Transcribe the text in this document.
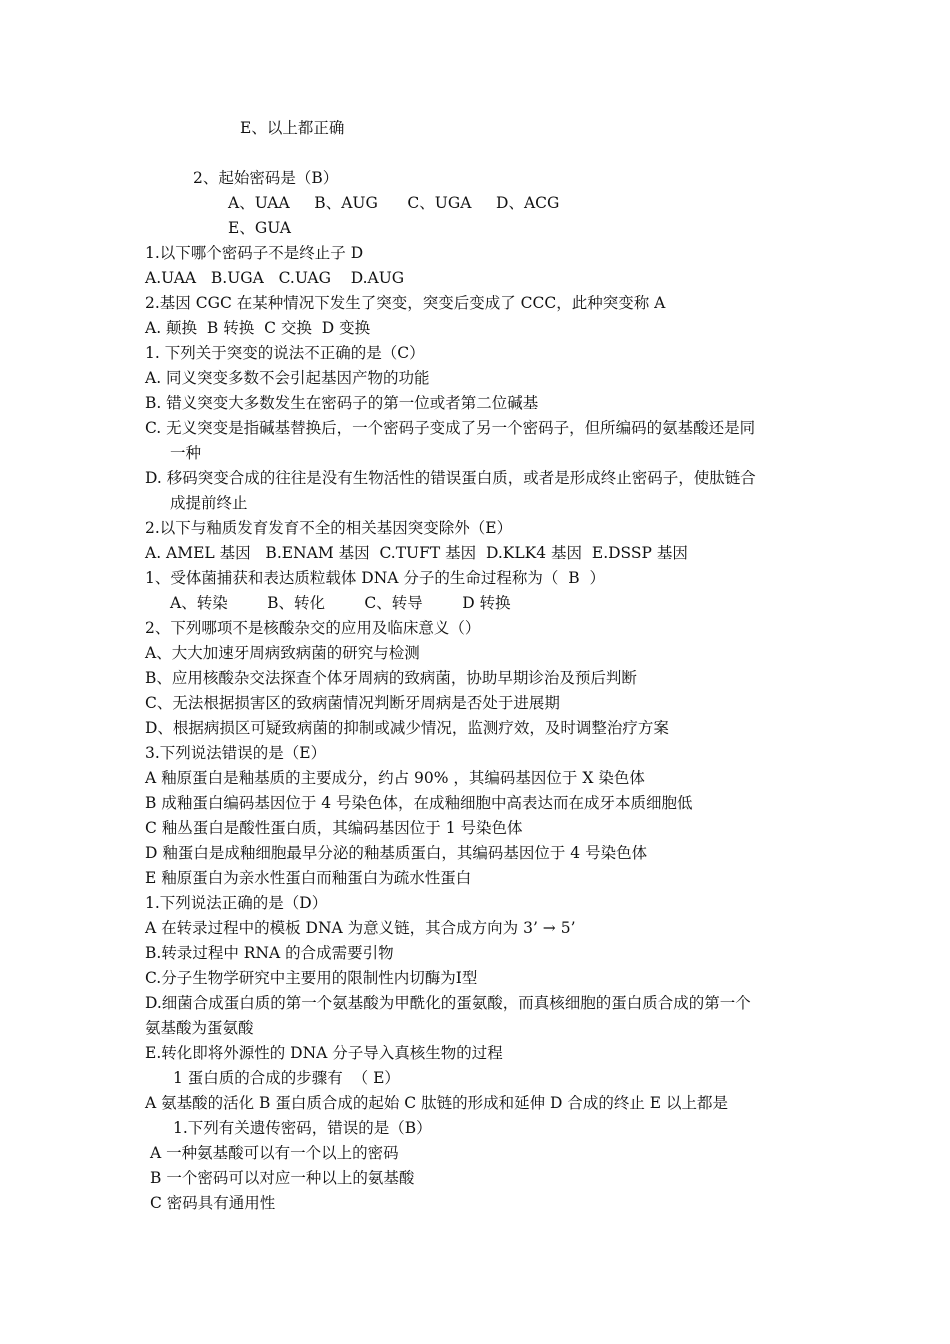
E、以上都正确
2、起始密码是（B）
A、UAA     B、AUG      C、UGA     D、ACG
E、GUA
1.以下哪个密码子不是终止子 D
A.UAA   B.UGA   C.UAG    D.AUG
2.基因 CGC 在某种情况下发生了突变，突变后变成了 CCC，此种突变称 A
A. 颠换  B 转换  C 交换  D 变换
1. 下列关于突变的说法不正确的是（C）
A. 同义突变多数不会引起基因产物的功能
B. 错义突变大多数发生在密码子的第一位或者第二位碱基
C. 无义突变是指碱基替换后，一个密码子变成了另一个密码子，但所编码的氨基酸还是同
一种
D. 移码突变合成的往往是没有生物活性的错误蛋白质，或者是形成终止密码子，使肽链合
成提前终止
2.以下与釉质发育发育不全的相关基因突变除外（E）
A. AMEL 基因   B.ENAM 基因  C.TUFT 基因  D.KLK4 基因  E.DSSP 基因
1、受体菌捕获和表达质粒载体 DNA 分子的生命过程称为（  B  ）
A、转染        B、转化        C、转导        D 转换
2、下列哪项不是核酸杂交的应用及临床意义（）
A、大大加速牙周病致病菌的研究与检测
B、应用核酸杂交法探查个体牙周病的致病菌，协助早期诊治及预后判断
C、无法根据损害区的致病菌情况判断牙周病是否处于进展期
D、根据病损区可疑致病菌的抑制或减少情况，监测疗效，及时调整治疗方案
3.下列说法错误的是（E）
A 釉原蛋白是釉基质的主要成分，约占 90% ，其编码基因位于 X 染色体
B 成釉蛋白编码基因位于 4 号染色体，在成釉细胞中高表达而在成牙本质细胞低
C 釉丛蛋白是酸性蛋白质，其编码基因位于 1 号染色体
D 釉蛋白是成釉细胞最早分泌的釉基质蛋白，其编码基因位于 4 号染色体
E 釉原蛋白为亲水性蛋白而釉蛋白为疏水性蛋白
1.下列说法正确的是（D）
A 在转录过程中的模板 DNA 为意义链，其合成方向为 3’ → 5’
B.转录过程中 RNA 的合成需要引物
C.分子生物学研究中主要用的限制性内切酶为Ⅰ型
D.细菌合成蛋白质的第一个氨基酸为甲酰化的蛋氨酸，而真核细胞的蛋白质合成的第一个
氨基酸为蛋氨酸
E.转化即将外源性的 DNA 分子导入真核生物的过程
1 蛋白质的合成的步骤有  （ E）
A 氨基酸的活化 B 蛋白质合成的起始 C 肽链的形成和延伸 D 合成的终止 E 以上都是
1.下列有关遗传密码，错误的是（B）
A 一种氨基酸可以有一个以上的密码
B 一个密码可以对应一种以上的氨基酸
C 密码具有通用性
